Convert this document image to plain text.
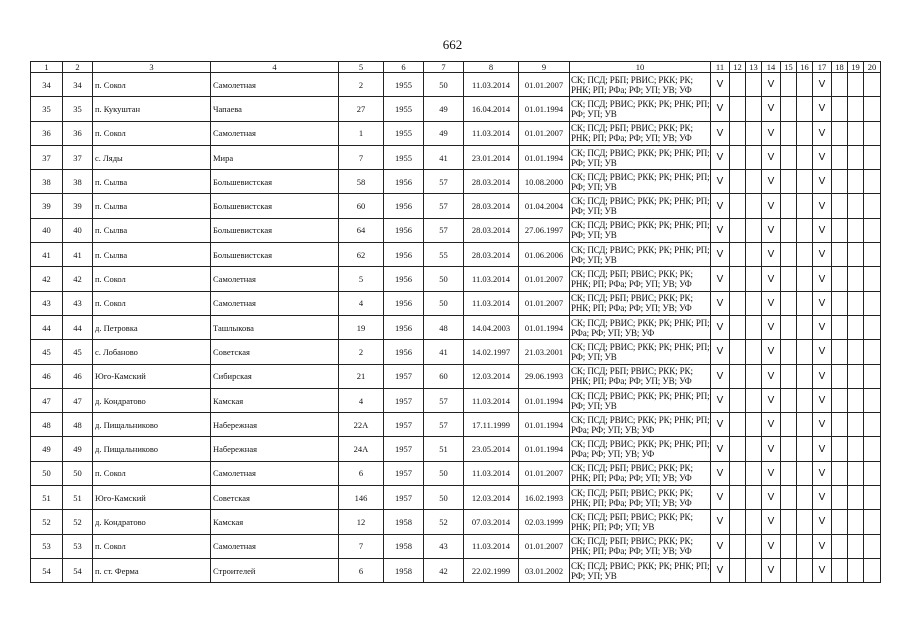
662
1	2	3	4	5	6	7	8	9	10	11	12	13	14	15	16	17	18	19	20
34	34	п. Сокол	Самолетная	2	1955	50	11.03.2014	01.01.2007	СК; ПСД; РБП; РВИС; РКК; РК; РНК; РП; РФа; РФ; УП; УВ; УФ	V			V			V			
35	35	п. Кукуштан	Чапаева	27	1955	49	16.04.2014	01.01.1994	СК; ПСД; РВИС; РКК; РК; РНК; РП; РФ; УП; УВ	V			V			V			
36	36	п. Сокол	Самолетная	1	1955	49	11.03.2014	01.01.2007	СК; ПСД; РБП; РВИС; РКК; РК; РНК; РП; РФа; РФ; УП; УВ; УФ	V			V			V			
37	37	с. Ляды	Мира	7	1955	41	23.01.2014	01.01.1994	СК; ПСД; РВИС; РКК; РК; РНК; РП; РФ; УП; УВ	V			V			V			
38	38	п. Сылва	Большевистская	58	1956	57	28.03.2014	10.08.2000	СК; ПСД; РВИС; РКК; РК; РНК; РП; РФ; УП; УВ	V			V			V			
39	39	п. Сылва	Большевистская	60	1956	57	28.03.2014	01.04.2004	СК; ПСД; РВИС; РКК; РК; РНК; РП; РФ; УП; УВ	V			V			V			
40	40	п. Сылва	Большевистская	64	1956	57	28.03.2014	27.06.1997	СК; ПСД; РВИС; РКК; РК; РНК; РП; РФ; УП; УВ	V			V			V			
41	41	п. Сылва	Большевистская	62	1956	55	28.03.2014	01.06.2006	СК; ПСД; РВИС; РКК; РК; РНК; РП; РФ; УП; УВ	V			V			V			
42	42	п. Сокол	Самолетная	5	1956	50	11.03.2014	01.01.2007	СК; ПСД; РБП; РВИС; РКК; РК; РНК; РП; РФа; РФ; УП; УВ; УФ	V			V			V			
43	43	п. Сокол	Самолетная	4	1956	50	11.03.2014	01.01.2007	СК; ПСД; РБП; РВИС; РКК; РК; РНК; РП; РФа; РФ; УП; УВ; УФ	V			V			V			
44	44	д. Петровка	Ташлыкова	19	1956	48	14.04.2003	01.01.1994	СК; ПСД; РВИС; РКК; РК; РНК; РП; РФа; РФ; УП; УВ; УФ	V			V			V			
45	45	с. Лобаново	Советская	2	1956	41	14.02.1997	21.03.2001	СК; ПСД; РВИС; РКК; РК; РНК; РП; РФ; УП; УВ	V			V			V			
46	46	Юго-Камский	Сибирская	21	1957	60	12.03.2014	29.06.1993	СК; ПСД; РБП; РВИС; РКК; РК; РНК; РП; РФа; РФ; УП; УВ; УФ	V			V			V			
47	47	д. Кондратово	Камская	4	1957	57	11.03.2014	01.01.1994	СК; ПСД; РВИС; РКК; РК; РНК; РП; РФ; УП; УВ	V			V			V			
48	48	д. Пищальниково	Набережная	22А	1957	57	17.11.1999	01.01.1994	СК; ПСД; РВИС; РКК; РК; РНК; РП; РФа; РФ; УП; УВ; УФ	V			V			V			
49	49	д. Пищальниково	Набережная	24А	1957	51	23.05.2014	01.01.1994	СК; ПСД; РВИС; РКК; РК; РНК; РП; РФа; РФ; УП; УВ; УФ	V			V			V			
50	50	п. Сокол	Самолетная	6	1957	50	11.03.2014	01.01.2007	СК; ПСД; РБП; РВИС; РКК; РК; РНК; РП; РФа; РФ; УП; УВ; УФ	V			V			V			
51	51	Юго-Камский	Советская	146	1957	50	12.03.2014	16.02.1993	СК; ПСД; РБП; РВИС; РКК; РК; РНК; РП; РФа; РФ; УП; УВ; УФ	V			V			V			
52	52	д. Кондратово	Камская	12	1958	52	07.03.2014	02.03.1999	СК; ПСД; РБП; РВИС; РКК; РК; РНК; РП; РФ; УП; УВ	V			V			V			
53	53	п. Сокол	Самолетная	7	1958	43	11.03.2014	01.01.2007	СК; ПСД; РБП; РВИС; РКК; РК; РНК; РП; РФа; РФ; УП; УВ; УФ	V			V			V			
54	54	п. ст. Ферма	Строителей	6	1958	42	22.02.1999	03.01.2002	СК; ПСД; РВИС; РКК; РК; РНК; РП; РФ; УП; УВ	V			V			V			
